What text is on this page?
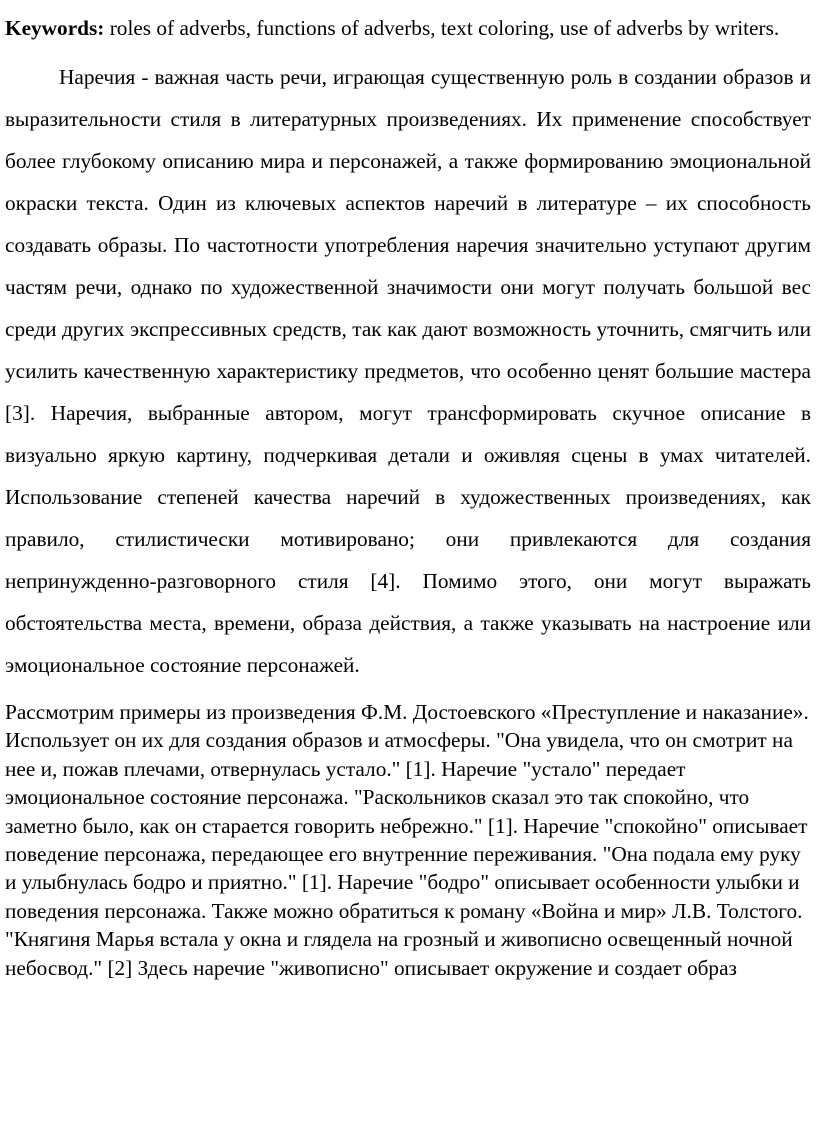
Keywords: roles of adverbs, functions of adverbs, text coloring, use of adverbs by writers.

Наречия - важная часть речи, играющая существенную роль в создании образов и выразительности стиля в литературных произведениях. Их применение способствует более глубокому описанию мира и персонажей, а также формированию эмоциональной окраски текста. Один из ключевых аспектов наречий в литературе – их способность создавать образы. По частотности употребления наречия значительно уступают другим частям речи, однако по художественной значимости они могут получать большой вес среди других экспрессивных средств, так как дают возможность уточнить, смягчить или усилить качественную характеристику предметов, что особенно ценят большие мастера [3]. Наречия, выбранные автором, могут трансформировать скучное описание в визуально яркую картину, подчеркивая детали и оживляя сцены в умах читателей. Использование степеней качества наречий в художественных произведениях, как правило, стилистически мотивировано; они привлекаются для создания непринужденно-разговорного стиля [4]. Помимо этого, они могут выражать обстоятельства места, времени, образа действия, а также указывать на настроение или эмоциональное состояние персонажей.

Рассмотрим примеры из произведения Ф.М. Достоевского «Преступление и наказание». Использует он их для создания образов и атмосферы. "Она увидела, что он смотрит на нее и, пожав плечами, отвернулась устало." [1]. Наречие "устало" передает эмоциональное состояние персонажа. "Раскольников сказал это так спокойно, что заметно было, как он старается говорить небрежно." [1]. Наречие "спокойно" описывает поведение персонажа, передающее его внутренние переживания. "Она подала ему руку и улыбнулась бодро и приятно." [1]. Наречие "бодро" описывает особенности улыбки и поведения персонажа. Также можно обратиться к роману «Война и мир» Л.В. Толстого. "Княгиня Марья встала у окна и глядела на грозный и живописно освещенный ночной небосвод." [2] Здесь наречие "живописно" описывает окружение и создает образ
